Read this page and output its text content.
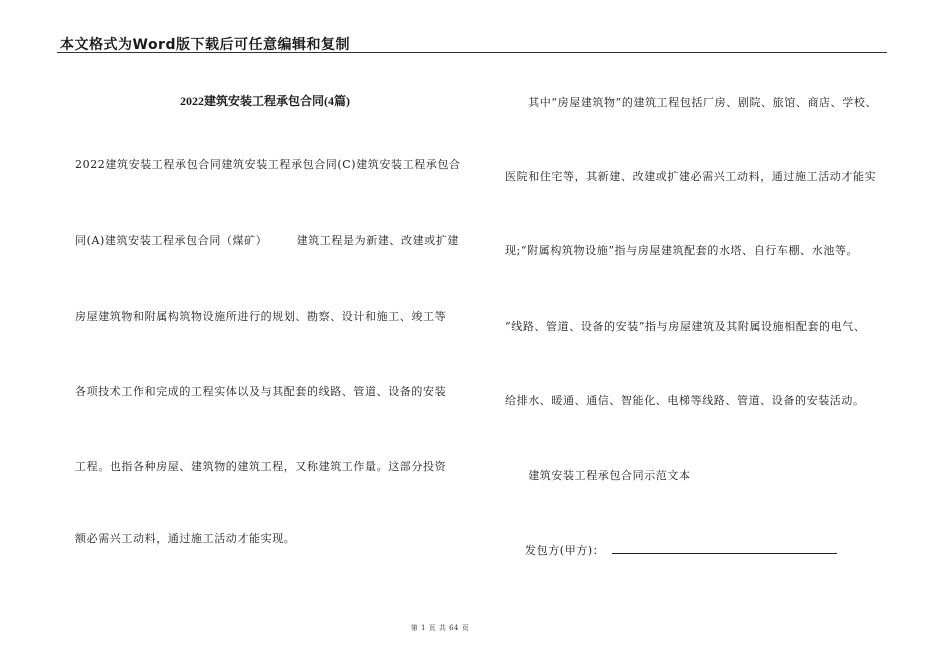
本文格式为Word版下载后可任意编辑和复制
2022建筑安装工程承包合同(4篇)
2022建筑安装工程承包合同建筑安装工程承包合同(C)建筑安装工程承包合
同(A)建筑安装工程承包合同（煤矿）　　　建筑工程是为新建、改建或扩建
房屋建筑物和附属构筑物设施所进行的规划、勘察、设计和施工、竣工等
各项技术工作和完成的工程实体以及与其配套的线路、管道、设备的安装
工程。也指各种房屋、建筑物的建筑工程，又称建筑工作量。这部分投资
额必需兴工动料，通过施工活动才能实现。
　　其中“房屋建筑物”的建筑工程包括厂房、剧院、旅馆、商店、学校、
医院和住宅等，其新建、改建或扩建必需兴工动料，通过施工活动才能实
现;“附属构筑物设施”指与房屋建筑配套的水塔、自行车棚、水池等。
“线路、管道、设备的安装”指与房屋建筑及其附属设施相配套的电气、
给排水、暖通、通信、智能化、电梯等线路、管道、设备的安装活动。
　　建筑安装工程承包合同示范文本
发包方(甲方)：
第 1 页 共 64 页
